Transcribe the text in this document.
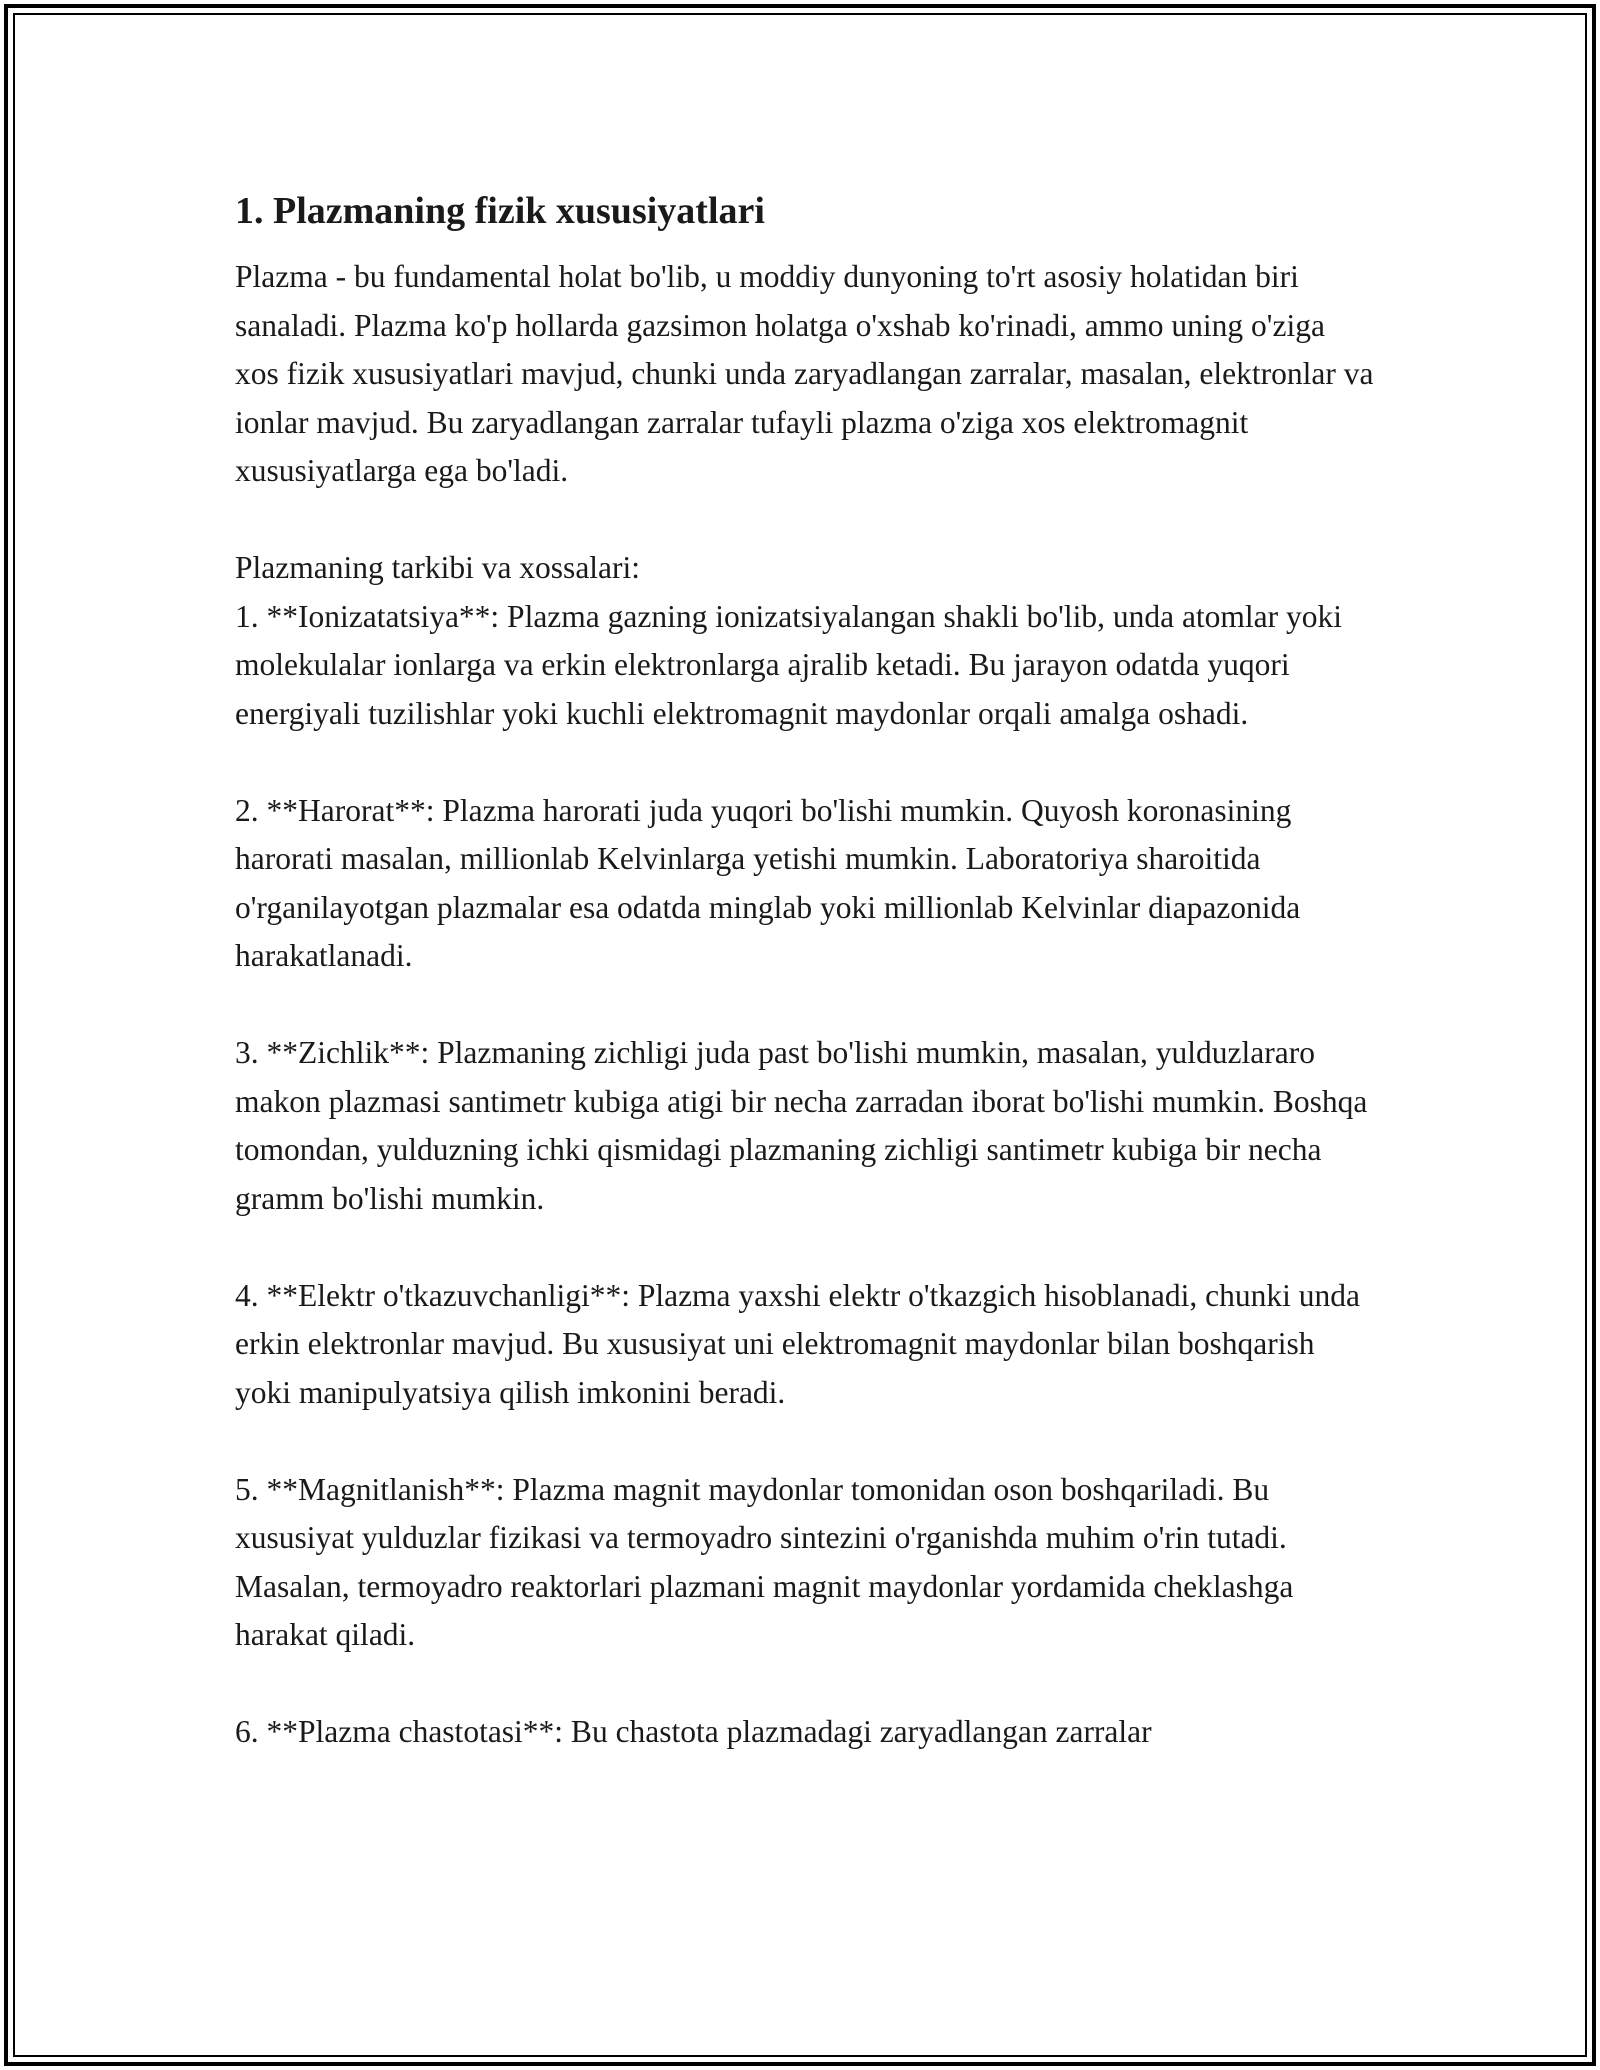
1. Plazmaning fizik xususiyatlari

Plazma - bu fundamental holat bo'lib, u moddiy dunyoning to'rt asosiy holatidan biri sanaladi. Plazma ko'p hollarda gazsimon holatga o'xshab ko'rinadi, ammo uning o'ziga xos fizik xususiyatlari mavjud, chunki unda zaryadlangan zarralar, masalan, elektronlar va ionlar mavjud. Bu zaryadlangan zarralar tufayli plazma o'ziga xos elektromagnit xususiyatlarga ega bo'ladi.

Plazmaning tarkibi va xossalari:

1. **Ionizatatsiya**: Plazma gazning ionizatsiyalangan shakli bo'lib, unda atomlar yoki molekulalar ionlarga va erkin elektronlarga ajralib ketadi. Bu jarayon odatda yuqori energiyali tuzilishlar yoki kuchli elektromagnit maydonlar orqali amalga oshadi.

2. **Harorat**: Plazma harorati juda yuqori bo'lishi mumkin. Quyosh koronasining harorati masalan, millionlab Kelvinlarga yetishi mumkin. Laboratoriya sharoitida o'rganilayotgan plazmalar esa odatda minglab yoki millionlab Kelvinlar diapazonida harakatlanadi.

3. **Zichlik**: Plazmaning zichligi juda past bo'lishi mumkin, masalan, yulduzlararo makon plazmasi santimetr kubiga atigi bir necha zarradan iborat bo'lishi mumkin. Boshqa tomondan, yulduzning ichki qismidagi plazmaning zichligi santimetr kubiga bir necha gramm bo'lishi mumkin.

4. **Elektr o'tkazuvchanligi**: Plazma yaxshi elektr o'tkazgich hisoblanadi, chunki unda erkin elektronlar mavjud. Bu xususiyat uni elektromagnit maydonlar bilan boshqarish yoki manipulyatsiya qilish imkonini beradi.

5. **Magnitlanish**: Plazma magnit maydonlar tomonidan oson boshqariladi. Bu xususiyat yulduzlar fizikasi va termoyadro sintezini o'rganishda muhim o'rin tutadi. Masalan, termoyadro reaktorlari plazmani magnit maydonlar yordamida cheklashga harakat qiladi.

6. **Plazma chastotasi**: Bu chastota plazmadagi zaryadlangan zarralar
